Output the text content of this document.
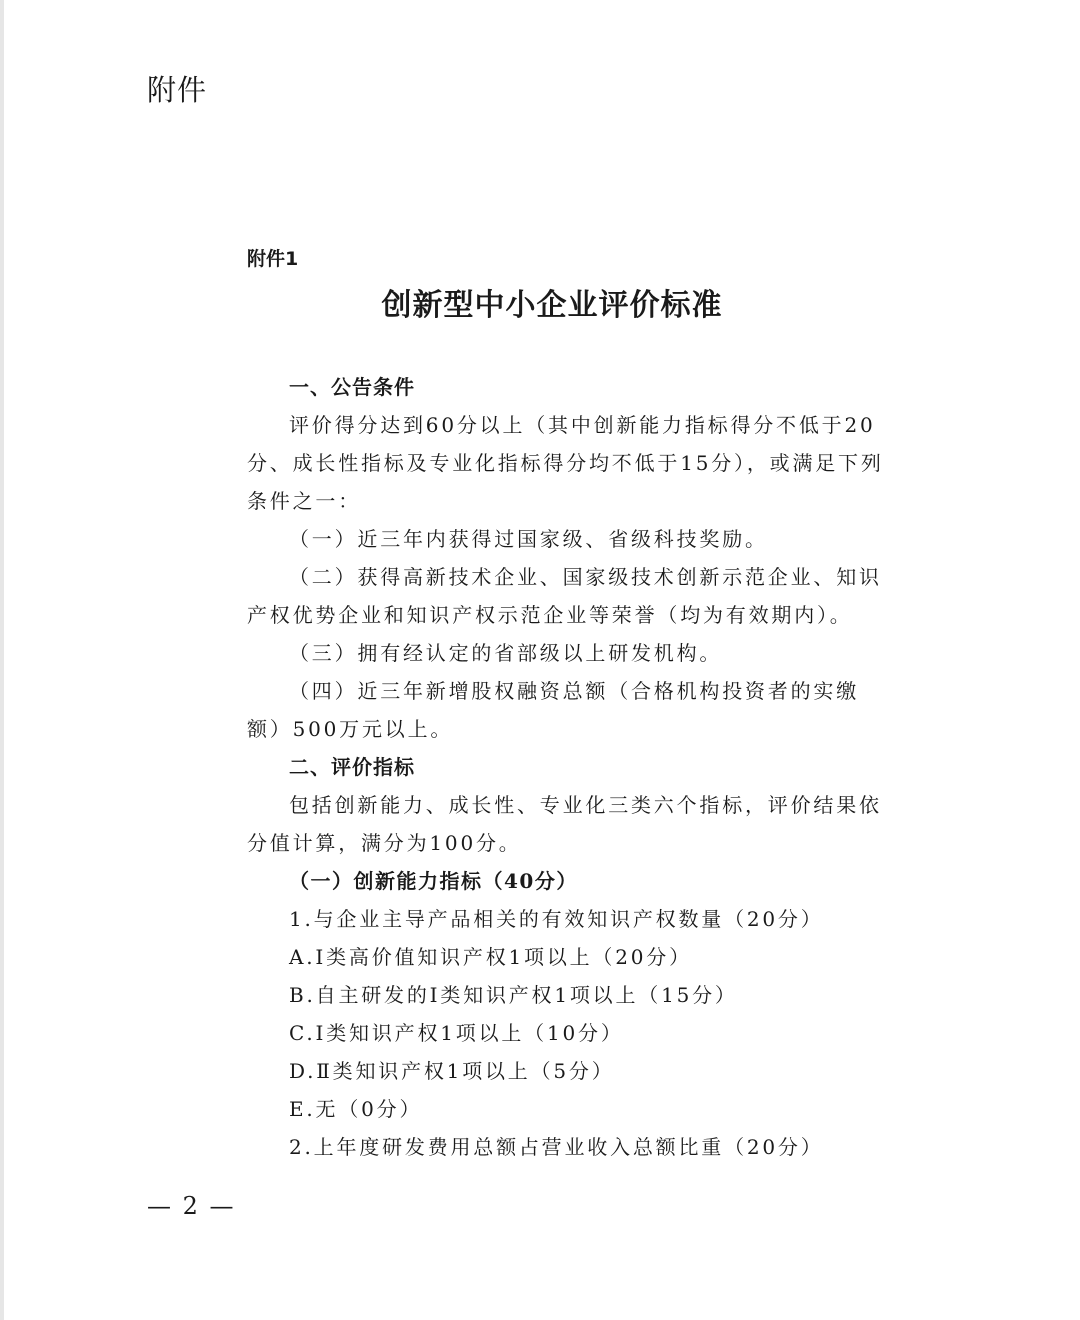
附件
附件1
创新型中小企业评价标准
一、公告条件
评价得分达到60分以上（其中创新能力指标得分不低于20
分、成长性指标及专业化指标得分均不低于15分），或满足下列
条件之一：
（一）近三年内获得过国家级、省级科技奖励。
（二）获得高新技术企业、国家级技术创新示范企业、知识
产权优势企业和知识产权示范企业等荣誉（均为有效期内）。
（三）拥有经认定的省部级以上研发机构。
（四）近三年新增股权融资总额（合格机构投资者的实缴
额）500万元以上。
二、评价指标
包括创新能力、成长性、专业化三类六个指标，评价结果依
分值计算，满分为100分。
（一）创新能力指标（40分）
1.与企业主导产品相关的有效知识产权数量（20分）
A.Ⅰ类高价值知识产权1项以上（20分）
B.自主研发的Ⅰ类知识产权1项以上（15分）
C.Ⅰ类知识产权1项以上（10分）
D.Ⅱ类知识产权1项以上（5分）
E.无（0分）
2.上年度研发费用总额占营业收入总额比重（20分）
— 2 —
